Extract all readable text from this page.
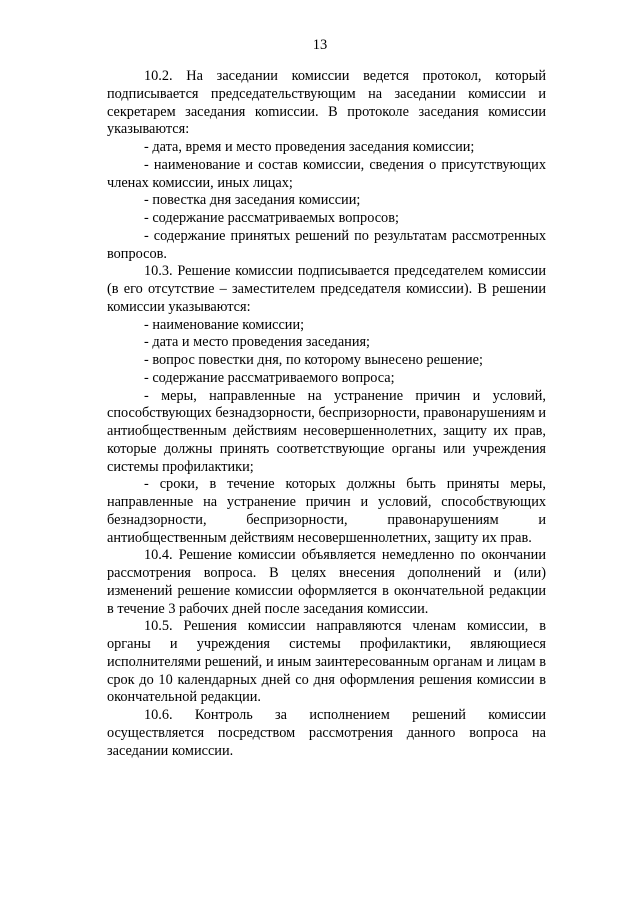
13

10.2. На заседании комиссии ведется протокол, который подписывается председательствующим на заседании комиссии и секретарем заседания коmиссии. В протоколе заседания комиссии указываются:

- дата, время и место проведения заседания комиссии;

- наименование и состав комиссии, сведения о присутствующих членах комиссии, иных лицах;

- повестка дня заседания комиссии;

- содержание рассматриваемых вопросов;

- содержание принятых решений по результатам рассмотренных вопросов.

10.3. Решение комиссии подписывается председателем комиссии (в его отсутствие – заместителем председателя комиссии). В решении комиссии указываются:

- наименование комиссии;

- дата и место проведения заседания;

- вопрос повестки дня, по которому вынесено решение;

- содержание рассматриваемого вопроса;

- меры, направленные на устранение причин и условий, способствующих безнадзорности, беспризорности, правонарушениям и антиобщественным действиям несовершеннолетних, защиту их прав, которые должны принять соответствующие органы или учреждения системы профилактики;

- сроки, в течение которых должны быть приняты меры, направленные на устранение причин и условий, способствующих безнадзорности, беспризорности, правонарушениям и антиобщественным действиям несовершеннолетних, защиту их прав.

10.4. Решение комиссии объявляется немедленно по окончании рассмотрения вопроса. В целях внесения дополнений и (или) изменений решение комиссии оформляется в окончательной редакции в течение 3 рабочих дней после заседания комиссии.

10.5. Решения комиссии направляются членам комиссии, в органы и учреждения системы профилактики, являющиеся исполнителями решений, и иным заинтересованным органам и лицам в срок до 10 календарных дней со дня оформления решения комиссии в окончательной редакции.

10.6. Контроль за исполнением решений комиссии осуществляется посредством рассмотрения данного вопроса на заседании комиссии.
